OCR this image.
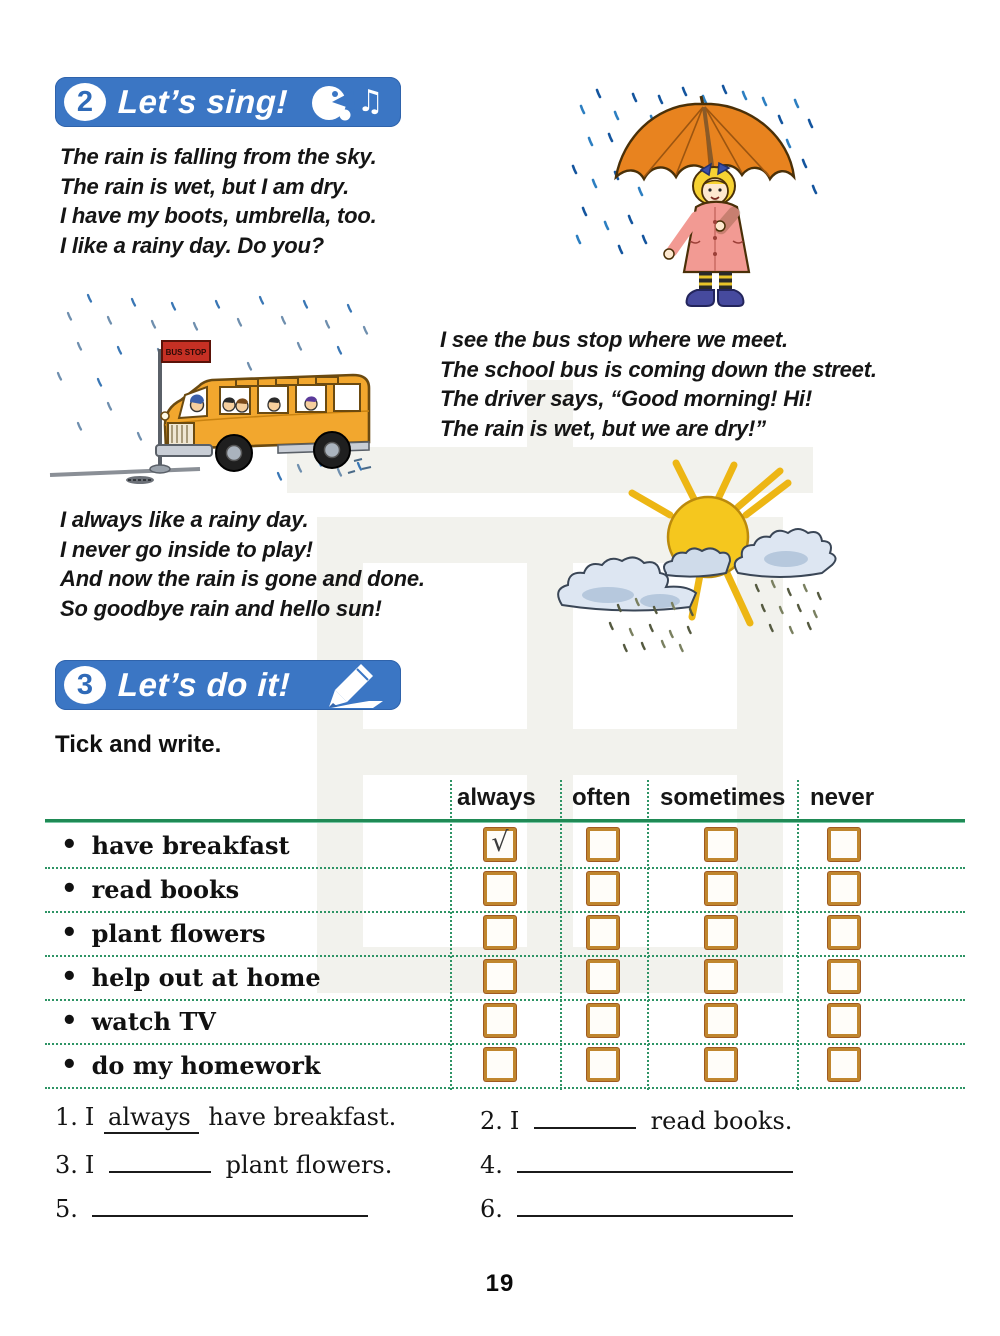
2 Let’s sing! ♫
The rain is falling from the sky.
The rain is wet, but I am dry.
I have my boots, umbrella, too.
I like a rainy day. Do you?
BUS STOP
I see the bus stop where we meet.
The school bus is coming down the street.
The driver says, “Good morning! Hi!
The rain is wet, but we are dry!”
I always like a rainy day.
I never go inside to play!
And now the rain is gone and done.
So goodbye rain and hello sun!
3 Let’s do it!
Tick and write.
always often sometimes never
• have breakfast	√
• read books
• plant flowers
• help out at home
• watch TV
• do my homework
1. I always have breakfast.	2. I	read books.
3. I	plant flowers.	4.
5.	6.
19
